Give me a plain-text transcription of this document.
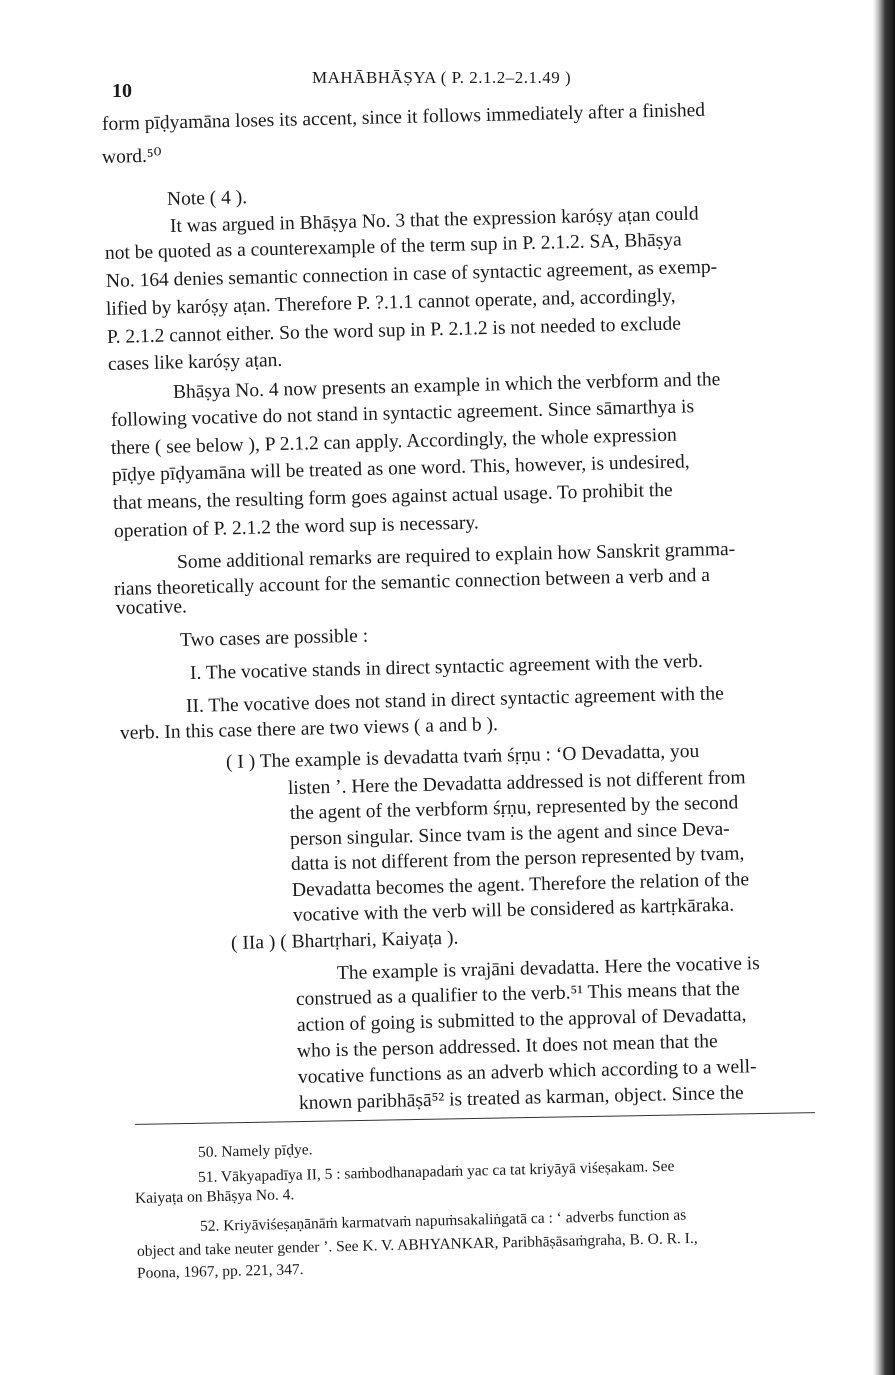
10
MAHĀBHĀṢYA ( P. 2.1.2–2.1.49 )
form pīḍyamāna loses its accent, since it follows immediately after a finished
word.⁵⁰
Note ( 4 ).
It was argued in Bhāṣya No. 3 that the expression karóṣy aṭan could
not be quoted as a counterexample of the term sup in P. 2.1.2. SA, Bhāṣya
No. 164 denies semantic connection in case of syntactic agreement, as exemp-
lified by karóṣy aṭan. Therefore P. ?.1.1 cannot operate, and, accordingly,
P. 2.1.2 cannot either. So the word sup in P. 2.1.2 is not needed to exclude
cases like karóṣy aṭan.
Bhāṣya No. 4 now presents an example in which the verbform and the
following vocative do not stand in syntactic agreement. Since sāmarthya is
there ( see below ), P 2.1.2 can apply. Accordingly, the whole expression
pīḍye pīḍyamāna will be treated as one word. This, however, is undesired,
that means, the resulting form goes against actual usage. To prohibit the
operation of P. 2.1.2 the word sup is necessary.
Some additional remarks are required to explain how Sanskrit gramma-
rians theoretically account for the semantic connection between a verb and a
vocative.
Two cases are possible :
I. The vocative stands in direct syntactic agreement with the verb.
II. The vocative does not stand in direct syntactic agreement with the
verb. In this case there are two views ( a and b ).
( I ) The example is devadatta tvaṁ śṛṇu : ‘O Devadatta, you
listen ’. Here the Devadatta addressed is not different from
the agent of the verbform śṛṇu, represented by the second
person singular. Since tvam is the agent and since Deva-
datta is not different from the person represented by tvam,
Devadatta becomes the agent. Therefore the relation of the
vocative with the verb will be considered as kartṛkāraka.
( IIa ) ( Bhartṛhari, Kaiyaṭa ).
The example is vrajāni devadatta. Here the vocative is
construed as a qualifier to the verb.⁵¹ This means that the
action of going is submitted to the approval of Devadatta,
who is the person addressed. It does not mean that the
vocative functions as an adverb which according to a well-
known paribhāṣā⁵² is treated as karman, object. Since the
50. Namely pīḍye.
51. Vākyapadīya II, 5 : saṁbodhanapadaṁ yac ca tat kriyāyā viśeṣakam. See
Kaiyaṭa on Bhāṣya No. 4.
52. Kriyāviśeṣaṇānāṁ karmatvaṁ napuṁsakaliṅgatā ca : ‘ adverbs function as
object and take neuter gender ’. See K. V. ABHYANKAR, Paribhāṣāsaṁgraha, B. O. R. I.,
Poona, 1967, pp. 221, 347.
